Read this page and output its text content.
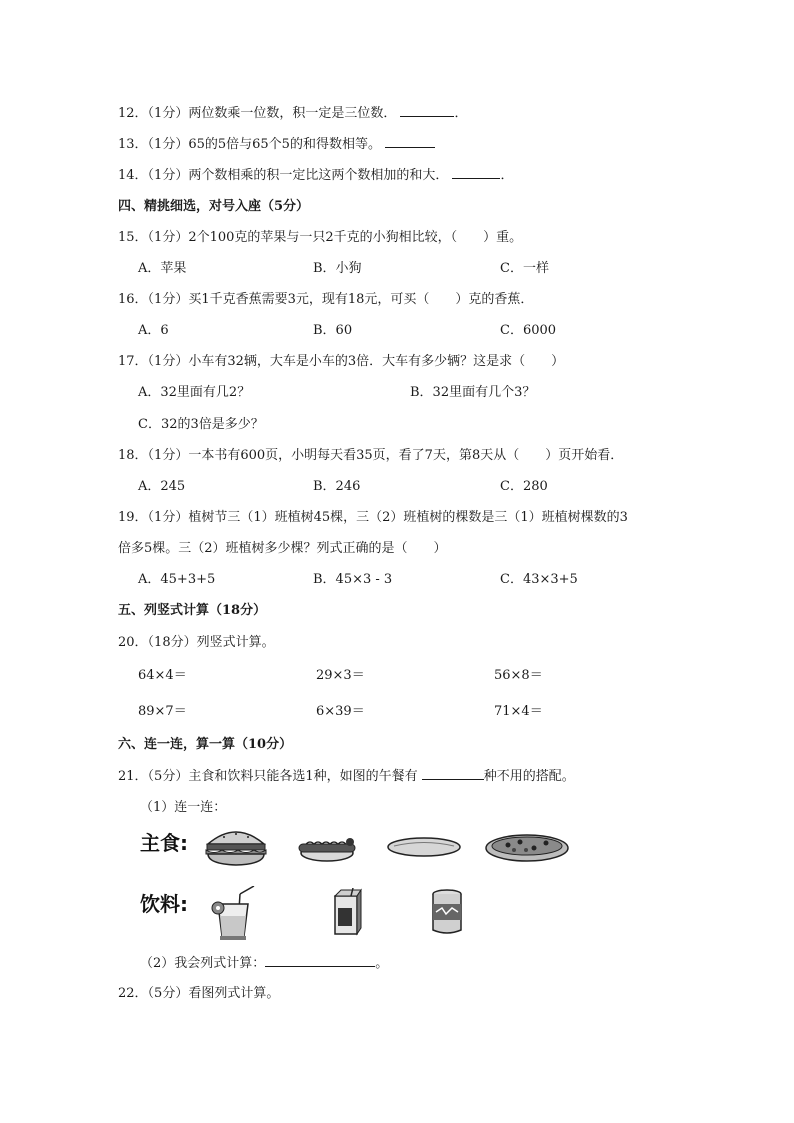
12．（1分）两位数乘一位数，积一定是三位数．	．
13．（1分）65的5倍与65个5的和得数相等。
14．（1分）两个数相乘的积一定比这两个数相加的和大．	．
四、精挑细选，对号入座（5分）
15．（1分）2个100克的苹果与一只2千克的小狗相比较，（　　）重。
A．苹果	B．小狗	C．一样
16．（1分）买1千克香蕉需要3元，现有18元，可买（　　）克的香蕉．
A．6	B．60	C．6000
17．（1分）小车有32辆，大车是小车的3倍．大车有多少辆？这是求（　　）
A．32里面有几2？	B．32里面有几个3？
C．32的3倍是多少？
18．（1分）一本书有600页，小明每天看35页，看了7天，第8天从（　　）页开始看．
A．245	B．246	C．280
19．（1分）植树节三（1）班植树45棵，三（2）班植树的棵数是三（1）班植树棵数的3
倍多5棵。三（2）班植树多少棵？列式正确的是（　　）
A．45+3+5	B．45×3 - 3	C．43×3+5
五、列竖式计算（18分）
20．（18分）列竖式计算。
64×4＝	29×3＝	56×8＝
89×7＝	6×39＝	71×4＝
六、连一连，算一算（10分）
21．（5分）主食和饮料只能各选1种，如图的午餐有	种不用的搭配。
（1）连一连：
主食:
饮料:
（2）我会列式计算：	。
22．（5分）看图列式计算。
